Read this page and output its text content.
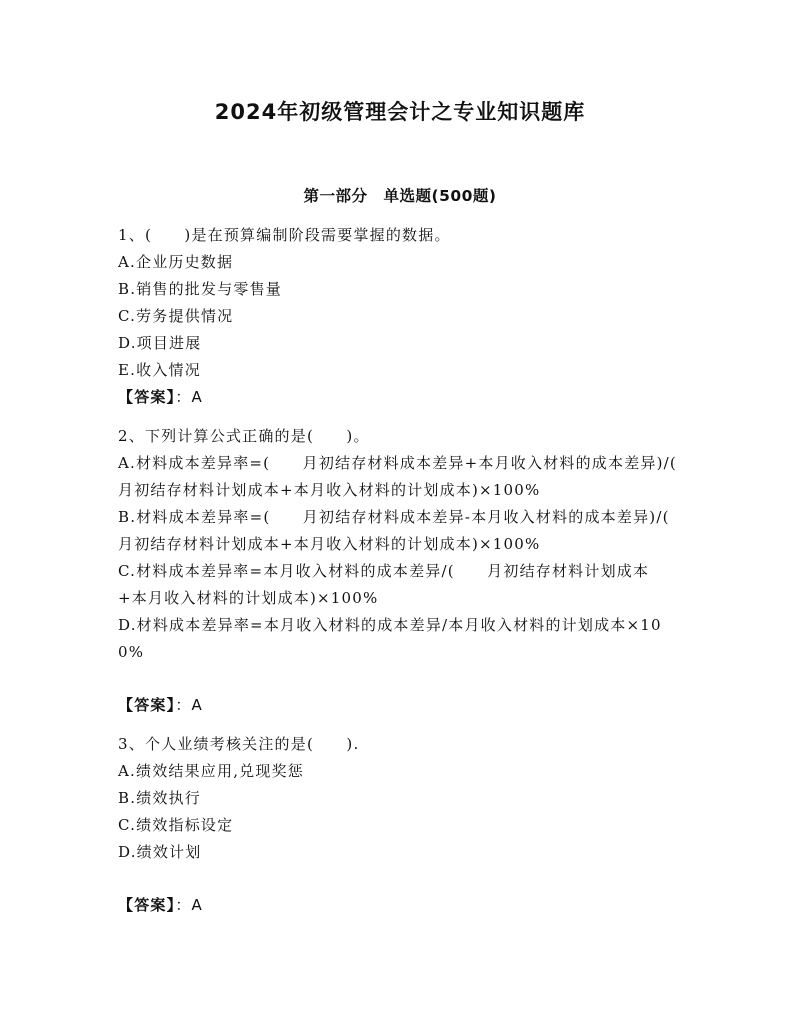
2024年初级管理会计之专业知识题库
第一部分　单选题(500题)
1、(　　)是在预算编制阶段需要掌握的数据。
A.企业历史数据
B.销售的批发与零售量
C.劳务提供情况
D.项目进展
E.收入情况
【答案】：A
2、下列计算公式正确的是(　　)。
A.材料成本差异率=(　　月初结存材料成本差异+本月收入材料的成本差异)/(　　月初结存材料计划成本+本月收入材料的计划成本)×100%
B.材料成本差异率=(　　月初结存材料成本差异-本月收入材料的成本差异)/(　　月初结存材料计划成本+本月收入材料的计划成本)×100%
C.材料成本差异率=本月收入材料的成本差异/(　　月初结存材料计划成本+本月收入材料的计划成本)×100%
D.材料成本差异率=本月收入材料的成本差异/本月收入材料的计划成本×100%
【答案】：A
3、个人业绩考核关注的是(　　).
A.绩效结果应用,兑现奖惩
B.绩效执行
C.绩效指标设定
D.绩效计划
【答案】：A
